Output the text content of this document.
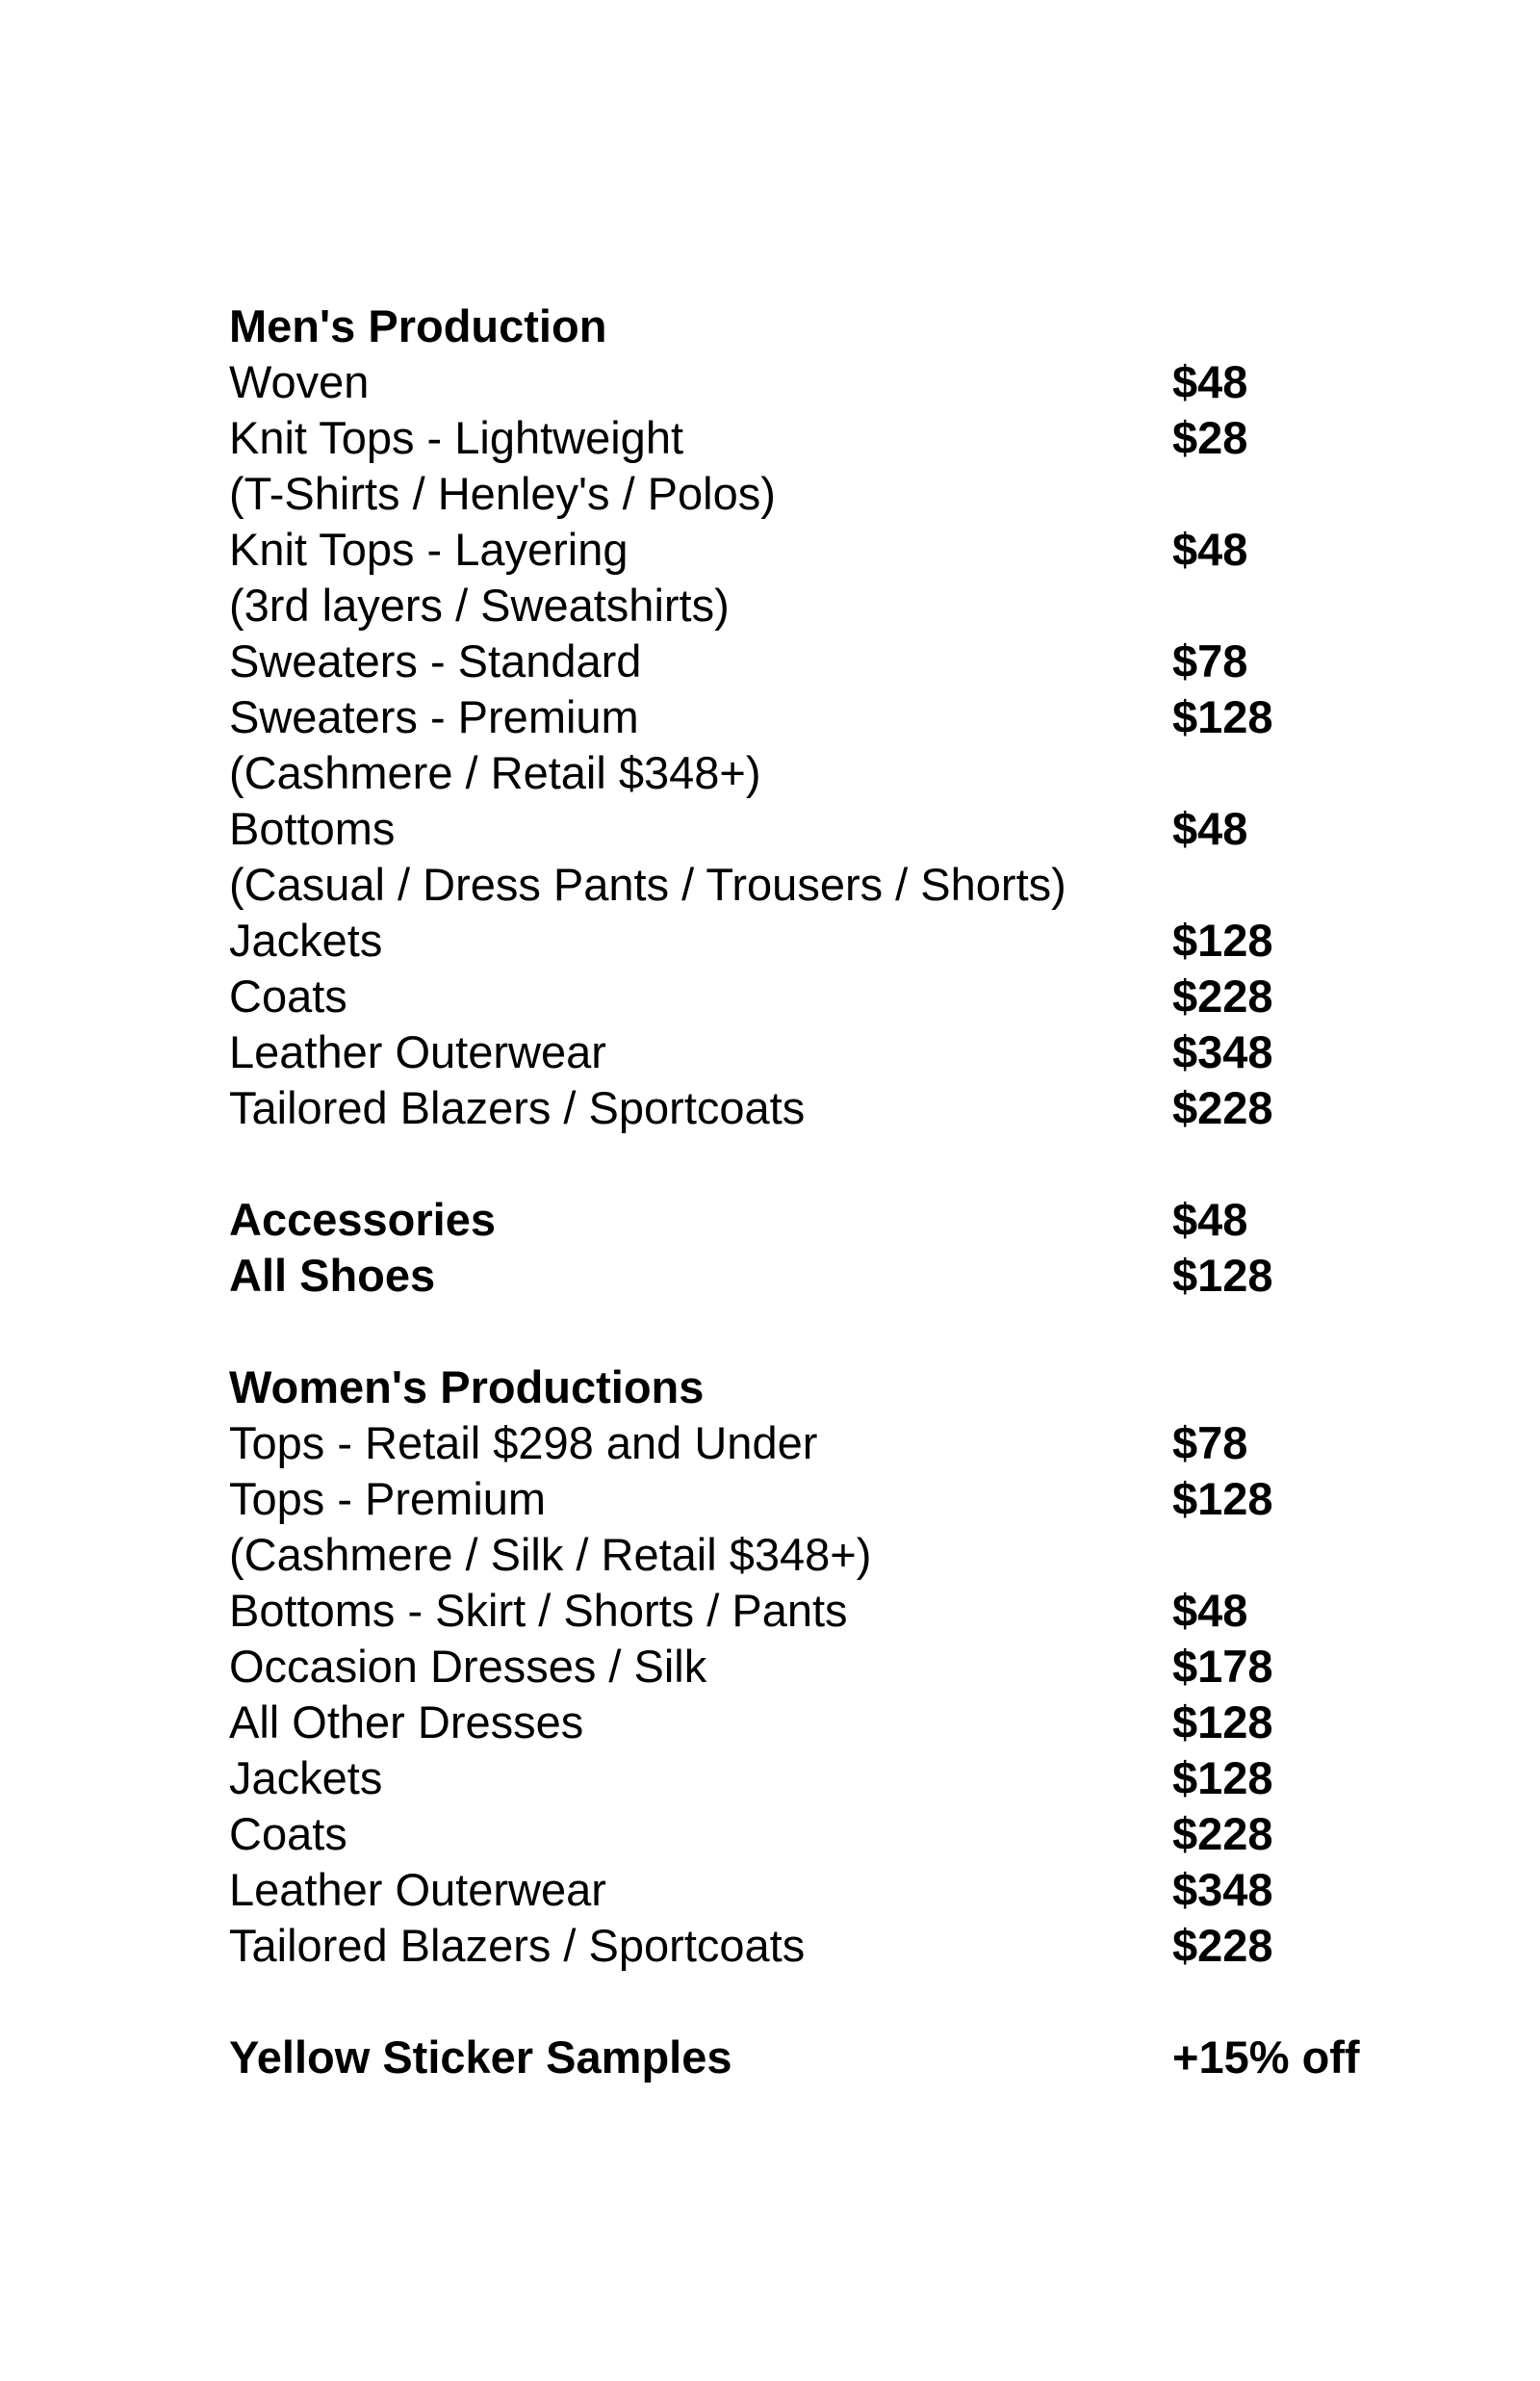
Men's Production
Woven	$48
Knit Tops - Lightweight	$28
(T-Shirts / Henley's / Polos)
Knit Tops - Layering	$48
(3rd layers / Sweatshirts)
Sweaters - Standard	$78
Sweaters - Premium	$128
(Cashmere / Retail $348+)
Bottoms	$48
(Casual / Dress Pants / Trousers / Shorts)
Jackets	$128
Coats	$228
Leather Outerwear	$348
Tailored Blazers / Sportcoats	$228
Accessories	$48
All Shoes	$128
Women's Productions
Tops - Retail $298 and Under	$78
Tops - Premium	$128
(Cashmere / Silk / Retail $348+)
Bottoms - Skirt / Shorts / Pants	$48
Occasion Dresses / Silk	$178
All Other Dresses	$128
Jackets	$128
Coats	$228
Leather Outerwear	$348
Tailored Blazers / Sportcoats	$228
Yellow Sticker Samples	+15% off
